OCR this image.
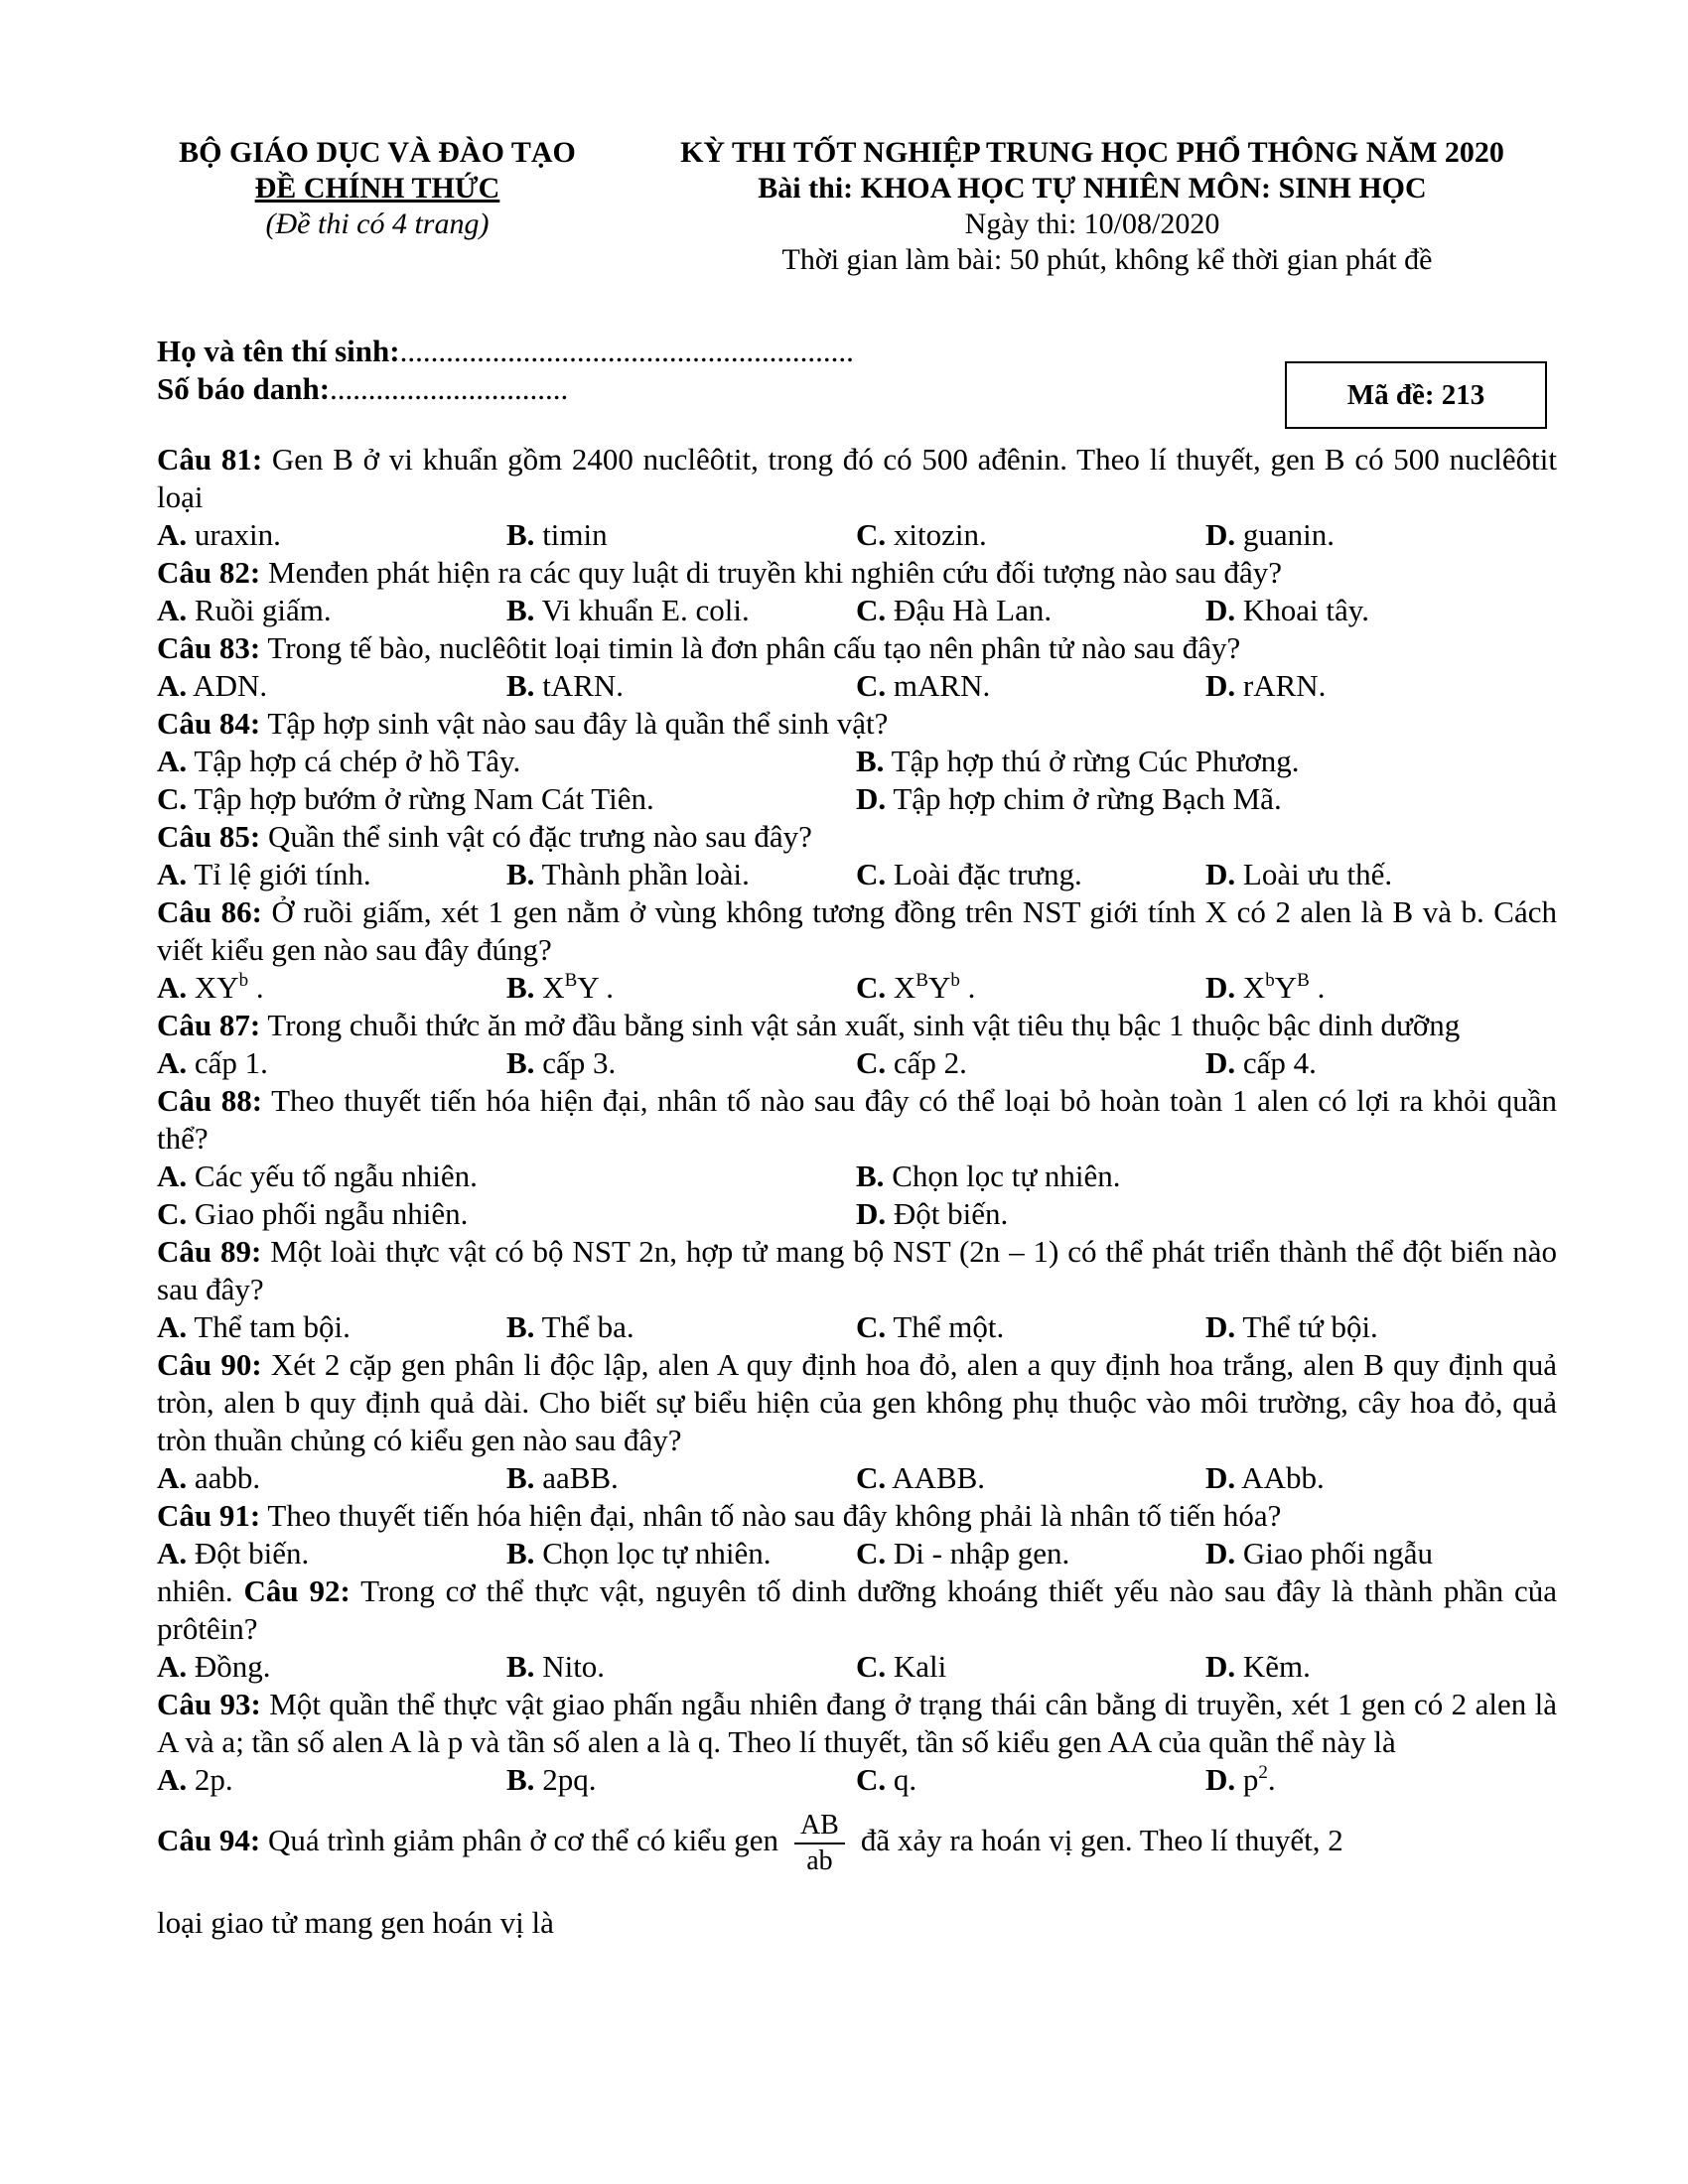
BỘ GIÁO DỤC VÀ ĐÀO TẠO
ĐỀ CHÍNH THỨC
(Đề thi có 4 trang)
KỲ THI TỐT NGHIỆP TRUNG HỌC PHỔ THÔNG NĂM 2020
Bài thi: KHOA HỌC TỰ NHIÊN MÔN: SINH HỌC
Ngày thi: 10/08/2020
Thời gian làm bài: 50 phút, không kể thời gian phát đề
Họ và tên thí sinh:...........................................................
Số báo danh:...............................	Mã đề: 213
Câu 81: Gen B ở vi khuẩn gồm 2400 nuclêôtit, trong đó có 500 ađênin. Theo lí thuyết, gen B có 500 nuclêôtit loại
A. uraxin.	B. timin	C. xitozin.	D. guanin.
Câu 82: Menđen phát hiện ra các quy luật di truyền khi nghiên cứu đối tượng nào sau đây?
A. Ruồi giấm.	B. Vi khuẩn E. coli.	C. Đậu Hà Lan.	D. Khoai tây.
Câu 83: Trong tế bào, nuclêôtit loại timin là đơn phân cấu tạo nên phân tử nào sau đây?
A. ADN.	B. tARN.	C. mARN.	D. rARN.
Câu 84: Tập hợp sinh vật nào sau đây là quần thể sinh vật?
A. Tập hợp cá chép ở hồ Tây.	B. Tập hợp thú ở rừng Cúc Phương.
C. Tập hợp bướm ở rừng Nam Cát Tiên.	D. Tập hợp chim ở rừng Bạch Mã.
Câu 85: Quần thể sinh vật có đặc trưng nào sau đây?
A. Tỉ lệ giới tính.	B. Thành phần loài.	C. Loài đặc trưng.	D. Loài ưu thế.
Câu 86: Ở ruồi giấm, xét 1 gen nằm ở vùng không tương đồng trên NST giới tính X có 2 alen là B và b. Cách viết kiểu gen nào sau đây đúng?
A. $XY^b$ .	B. $X^BY$ .	C. $X^BY^b$ .	D. $X^bY^B$ .
Câu 87: Trong chuỗi thức ăn mở đầu bằng sinh vật sản xuất, sinh vật tiêu thụ bậc 1 thuộc bậc dinh dưỡng
A. cấp 1.	B. cấp 3.	C. cấp 2.	D. cấp 4.
Câu 88: Theo thuyết tiến hóa hiện đại, nhân tố nào sau đây có thể loại bỏ hoàn toàn 1 alen có lợi ra khỏi quần thể?
A. Các yếu tố ngẫu nhiên.	B. Chọn lọc tự nhiên.
C. Giao phối ngẫu nhiên.	D. Đột biến.
Câu 89: Một loài thực vật có bộ NST 2n, hợp tử mang bộ NST (2n – 1) có thể phát triển thành thể đột biến nào sau đây?
A. Thể tam bội.	B. Thể ba.	C. Thể một.	D. Thể tứ bội.
Câu 90: Xét 2 cặp gen phân li độc lập, alen A quy định hoa đỏ, alen a quy định hoa trắng, alen B quy định quả tròn, alen b quy định quả dài. Cho biết sự biểu hiện của gen không phụ thuộc vào môi trường, cây hoa đỏ, quả tròn thuần chủng có kiểu gen nào sau đây?
A. aabb.	B. aaBB.	C. AABB.	D. AAbb.
Câu 91: Theo thuyết tiến hóa hiện đại, nhân tố nào sau đây không phải là nhân tố tiến hóa?
A. Đột biến.	B. Chọn lọc tự nhiên.	C. Di - nhập gen.	D. Giao phối ngẫu
nhiên. Câu 92: Trong cơ thể thực vật, nguyên tố dinh dưỡng khoáng thiết yếu nào sau đây là thành phần của prôtêin?
A. Đồng.	B. Nito.	C. Kali	D. Kẽm.
Câu 93: Một quần thể thực vật giao phấn ngẫu nhiên đang ở trạng thái cân bằng di truyền, xét 1 gen có 2 alen là A và a; tần số alen A là p và tần số alen a là q. Theo lí thuyết, tần số kiểu gen AA của quần thể này là
A. 2p.	B. 2pq.	C. q.	D. $p^2$.
Câu 94: Quá trình giảm phân ở cơ thể có kiểu gen $\frac{AB}{ab}$ đã xảy ra hoán vị gen. Theo lí thuyết, 2
loại giao tử mang gen hoán vị là
